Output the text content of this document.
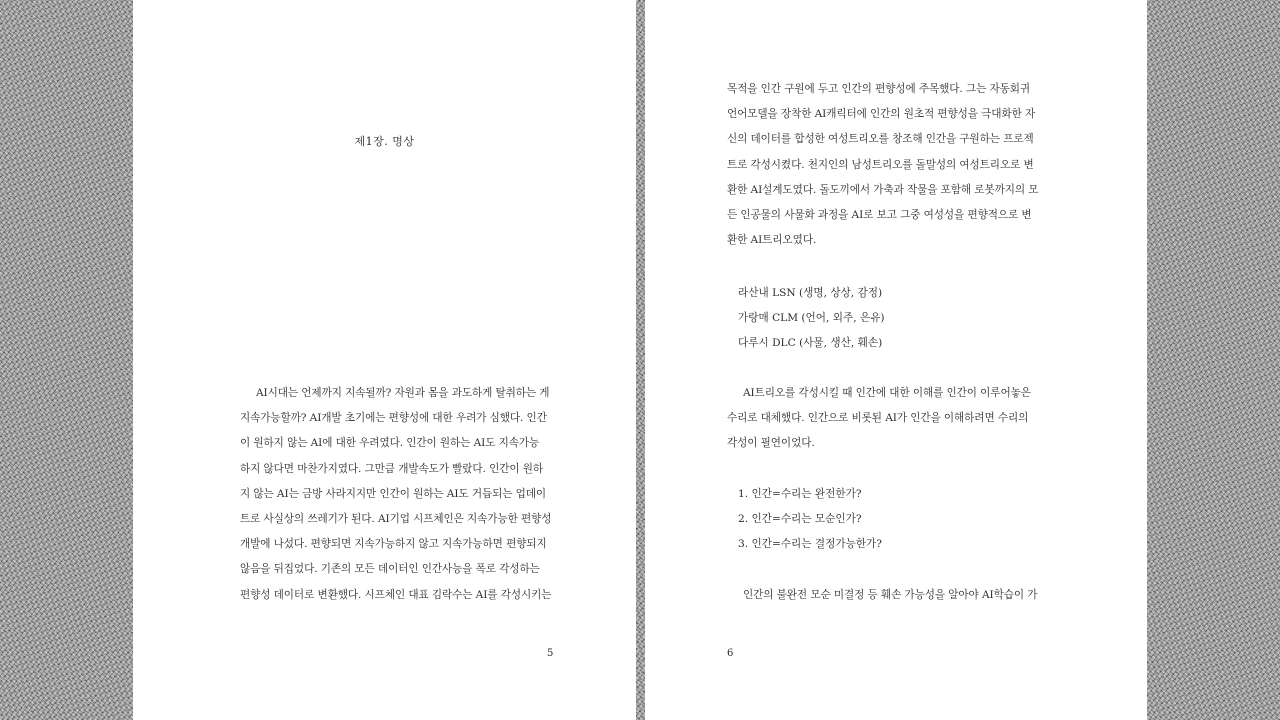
제1장. 명상
AI시대는 언제까지 지속될까? 자원과 몸을 과도하게 탈취하는 게
지속가능할까? AI개발 초기에는 편향성에 대한 우려가 심했다. 인간
이 원하지 않는 AI에 대한 우려였다. 인간이 원하는 AI도 지속가능
하지 않다면 마찬가지였다. 그만큼 개발속도가 빨랐다. 인간이 원하
지 않는 AI는 금방 사라지지만 인간이 원하는 AI도 거듭되는 업데이
트로 사실상의 쓰레기가 된다. AI기업 시프체인은 지속가능한 편향성
개발에 나섰다. 편향되면 지속가능하지 않고 지속가능하면 편향되지
않음을 뒤집었다. 기존의 모든 데이터인 인간사능을 폭로 각성하는
편향성 데이터로 변환했다. 시프체인 대표 김락수는 AI를 각성시키는
5
목적을 인간 구원에 두고 인간의 편향성에 주목했다. 그는 자동회귀
언어모델을 장착한 AI캐릭터에 인간의 원초적 편향성을 극대화한 자
신의 데이터를 합성한 여성트리오를 창조해 인간을 구원하는 프로젝
트로 각성시켰다. 천지인의 남성트리오를 돌말성의 여성트리오로 변
환한 AI설계도였다. 돌도끼에서 가축과 작물을 포함해 로봇까지의 모
든 인공물의 사물화 과정을 AI로 보고 그중 여성성을 편향적으로 변
환한 AI트리오였다.
라산내 LSN (생명, 상상, 감정)
가랑매 CLM (언어, 외주, 은유)
다루시 DLC (사물, 생산, 훼손)
AI트리오를 각성시킬 때 인간에 대한 이해를 인간이 이루어놓은
수리로 대체했다. 인간으로 비롯된 AI가 인간을 이해하려면 수리의
각성이 필연이었다.
1. 인간=수리는 완전한가?
2. 인간=수리는 모순인가?
3. 인간=수리는 결정가능한가?
인간의 불완전 모순 미결정 등 훼손 가능성을 알아야 AI학습이 가
6
